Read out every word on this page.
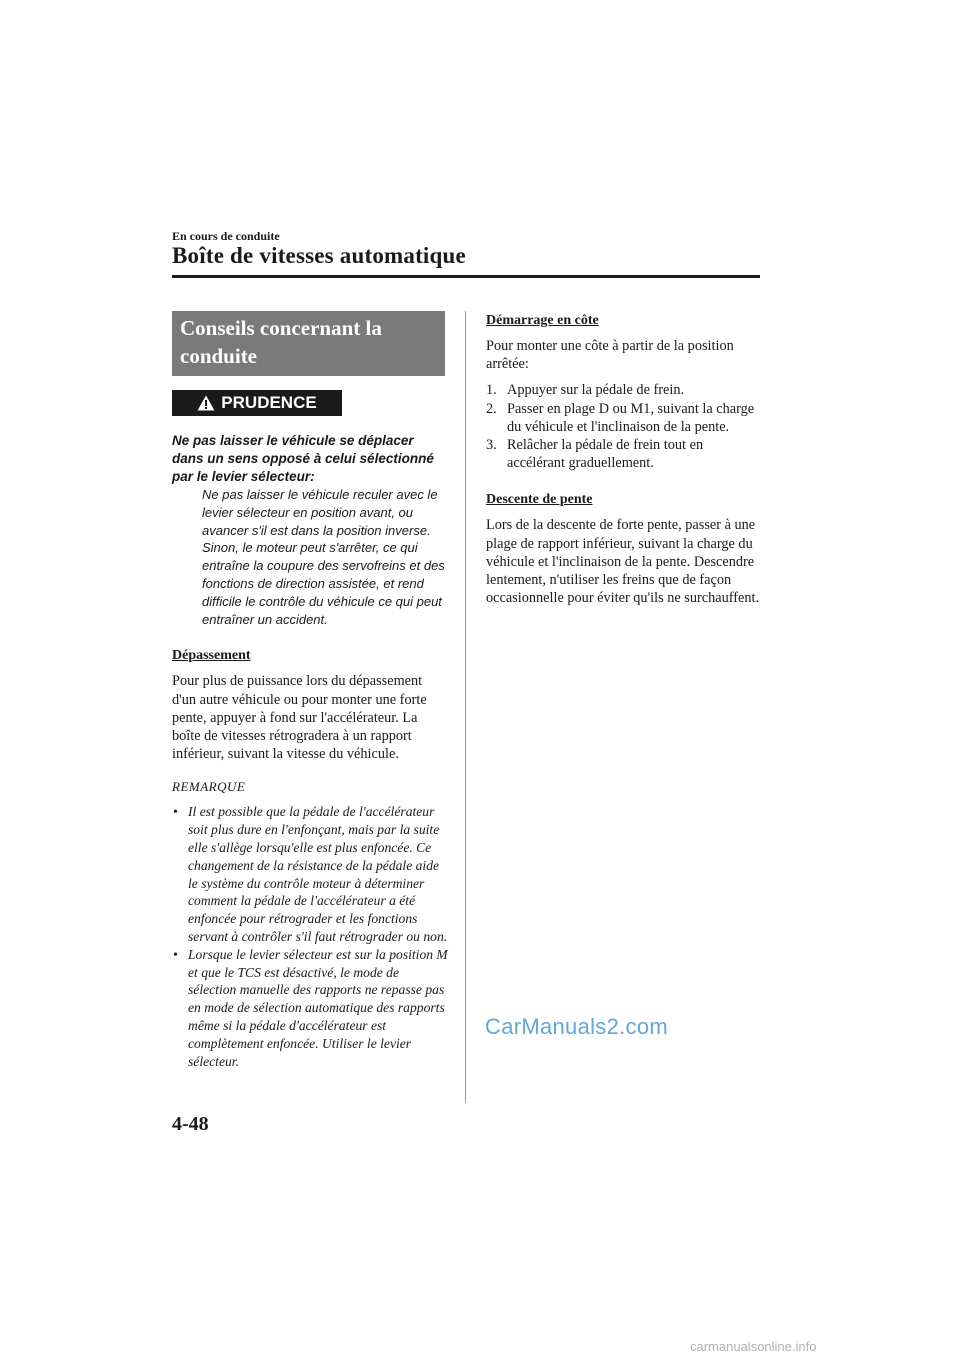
En cours de conduite
Boîte de vitesses automatique
Conseils concernant la conduite
PRUDENCE
Ne pas laisser le véhicule se déplacer dans un sens opposé à celui sélectionné par le levier sélecteur:
Ne pas laisser le véhicule reculer avec le levier sélecteur en position avant, ou avancer s'il est dans la position inverse. Sinon, le moteur peut s'arrêter, ce qui entraîne la coupure des servofreins et des fonctions de direction assistée, et rend difficile le contrôle du véhicule ce qui peut entraîner un accident.
Dépassement
Pour plus de puissance lors du dépassement d'un autre véhicule ou pour monter une forte pente, appuyer à fond sur l'accélérateur. La boîte de vitesses rétrogradera à un rapport inférieur, suivant la vitesse du véhicule.
REMARQUE
• Il est possible que la pédale de l'accélérateur soit plus dure en l'enfonçant, mais par la suite elle s'allège lorsqu'elle est plus enfoncée. Ce changement de la résistance de la pédale aide le système du contrôle moteur à déterminer comment la pédale de l'accélérateur a été enfoncée pour rétrograder et les fonctions servant à contrôler s'il faut rétrograder ou non.
• Lorsque le levier sélecteur est sur la position M et que le TCS est désactivé, le mode de sélection manuelle des rapports ne repasse pas en mode de sélection automatique des rapports même si la pédale d'accélérateur est complètement enfoncée. Utiliser le levier sélecteur.
Démarrage en côte
Pour monter une côte à partir de la position arrêtée:
1. Appuyer sur la pédale de frein.
2. Passer en plage D ou M1, suivant la charge du véhicule et l'inclinaison de la pente.
3. Relâcher la pédale de frein tout en accélérant graduellement.
Descente de pente
Lors de la descente de forte pente, passer à une plage de rapport inférieur, suivant la charge du véhicule et l'inclinaison de la pente. Descendre lentement, n'utiliser les freins que de façon occasionnelle pour éviter qu'ils ne surchauffent.
CarManuals2.com
4-48
carmanualsonline.info
